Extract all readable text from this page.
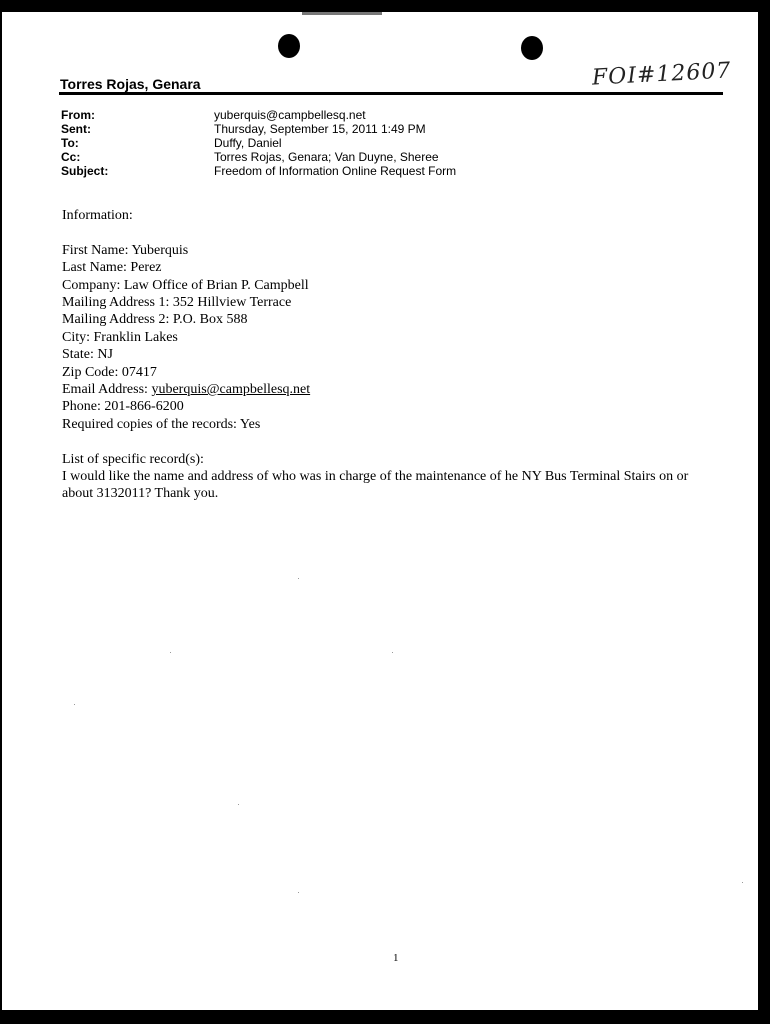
FOI#12607
Torres Rojas, Genara
From:	yuberquis@campbellesq.net
Sent:	Thursday, September 15, 2011 1:49 PM
To:	Duffy, Daniel
Cc:	Torres Rojas, Genara; Van Duyne, Sheree
Subject:	Freedom of Information Online Request Form
Information:
First Name: Yuberquis
Last Name: Perez
Company: Law Office of Brian P. Campbell
Mailing Address 1: 352 Hillview Terrace
Mailing Address 2: P.O. Box 588
City: Franklin Lakes
State: NJ
Zip Code: 07417
Email Address: yuberquis@campbellesq.net
Phone: 201-866-6200
Required copies of the records: Yes
List of specific record(s):
I would like the name and address of who was in charge of the maintenance of he NY Bus Terminal Stairs on or
about 3132011? Thank you.
1
